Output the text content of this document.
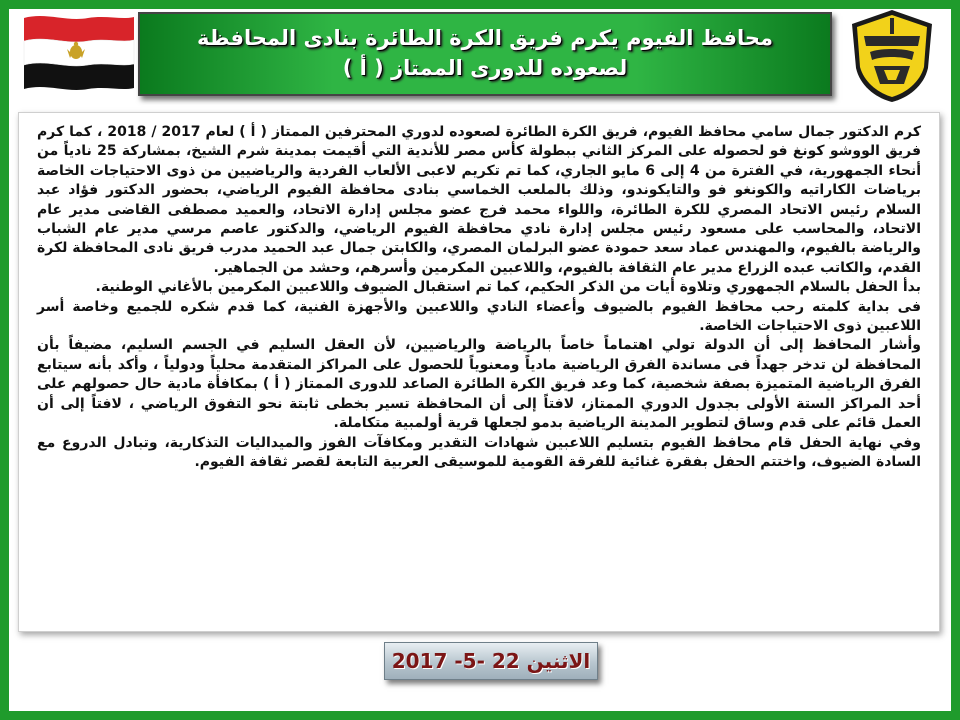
محافظ الفيوم يكرم فريق الكرة الطائرة بنادى المحافظة
لصعوده للدورى الممتاز ( أ )

كرم الدكتور جمال سامي محافظ الفيوم، فريق الكرة الطائرة لصعوده لدوري المحترفين الممتاز ( أ ) لعام 2017 / 2018 ، كما كرم فريق الووشو كونغ فو لحصوله على المركز الثاني ببطولة كأس مصر للأندية التي أقيمت بمدينة شرم الشيخ، بمشاركة 25 نادياً من أنحاء الجمهورية، في الفترة من 4 إلى 6 مايو الجاري، كما تم تكريم لاعبى الألعاب الفردية والرياضيين من ذوى الاحتياجات الخاصة برياضات الكاراتيه والكونغو فو والتايكوندو، وذلك بالملعب الخماسي بنادى محافظة الفيوم الرياضي، بحضور الدكتور فؤاد عبد السلام رئيس الاتحاد المصري للكرة الطائرة، واللواء محمد فرج عضو مجلس إدارة الاتحاد، والعميد مصطفى القاضى مدير عام الاتحاد، والمحاسب على مسعود رئيس مجلس إدارة نادي محافظة الفيوم الرياضي، والدكتور عاصم مرسي مدير عام الشباب والرياضة بالفيوم، والمهندس عماد سعد حمودة عضو البرلمان المصري، والكابتن جمال عبد الحميد مدرب فريق نادى المحافظة لكرة القدم، والكاتب عبده الزراع مدير عام الثقافة بالفيوم، واللاعبين المكرمين وأسرهم، وحشد من الجماهير.

بدأ الحفل بالسلام الجمهوري وتلاوة أيات من الذكر الحكيم، كما تم استقبال الضيوف واللاعبين المكرمين بالأغاني الوطنية.

فى بداية كلمته رحب محافظ الفيوم بالضيوف وأعضاء النادي واللاعبين والأجهزة الفنية، كما قدم شكره للجميع وخاصة أسر اللاعبين ذوى الاحتياجات الخاصة.

وأشار المحافظ إلى أن الدولة تولي اهتماماً خاصاً بالرياضة والرياضيين، لأن العقل السليم في الجسم السليم، مضيفاً بأن المحافظة لن تدخر جهداً فى مساندة الفرق الرياضية مادياً ومعنوياً للحصول على المراكز المتقدمة محلياً ودولياً ، وأكد بأنه سيتابع الفرق الرياضية المتميزة بصفة شخصية، كما وعد فريق الكرة الطائرة الصاعد للدورى الممتاز ( أ ) بمكافأة مادية حال حصولهم على أحد المراكز الستة الأولى بجدول الدوري الممتاز، لافتاً إلى أن المحافظة تسير بخطى ثابتة نحو التفوق الرياضي ، لافتاً إلى أن العمل قائم على قدم وساق لتطوير المدينة الرياضية بدمو لجعلها قرية أولمبية متكاملة.

وفي نهاية الحفل قام محافظ الفيوم بتسليم اللاعبين شهادات التقدير ومكافآت الفوز والميداليات التذكارية، وتبادل الدروع مع السادة الضيوف، واختتم الحفل بفقرة غنائية للفرقة القومية للموسيقى العربية التابعة لقصر ثقافة الفيوم.

الاثنين 22 -5- 2017
